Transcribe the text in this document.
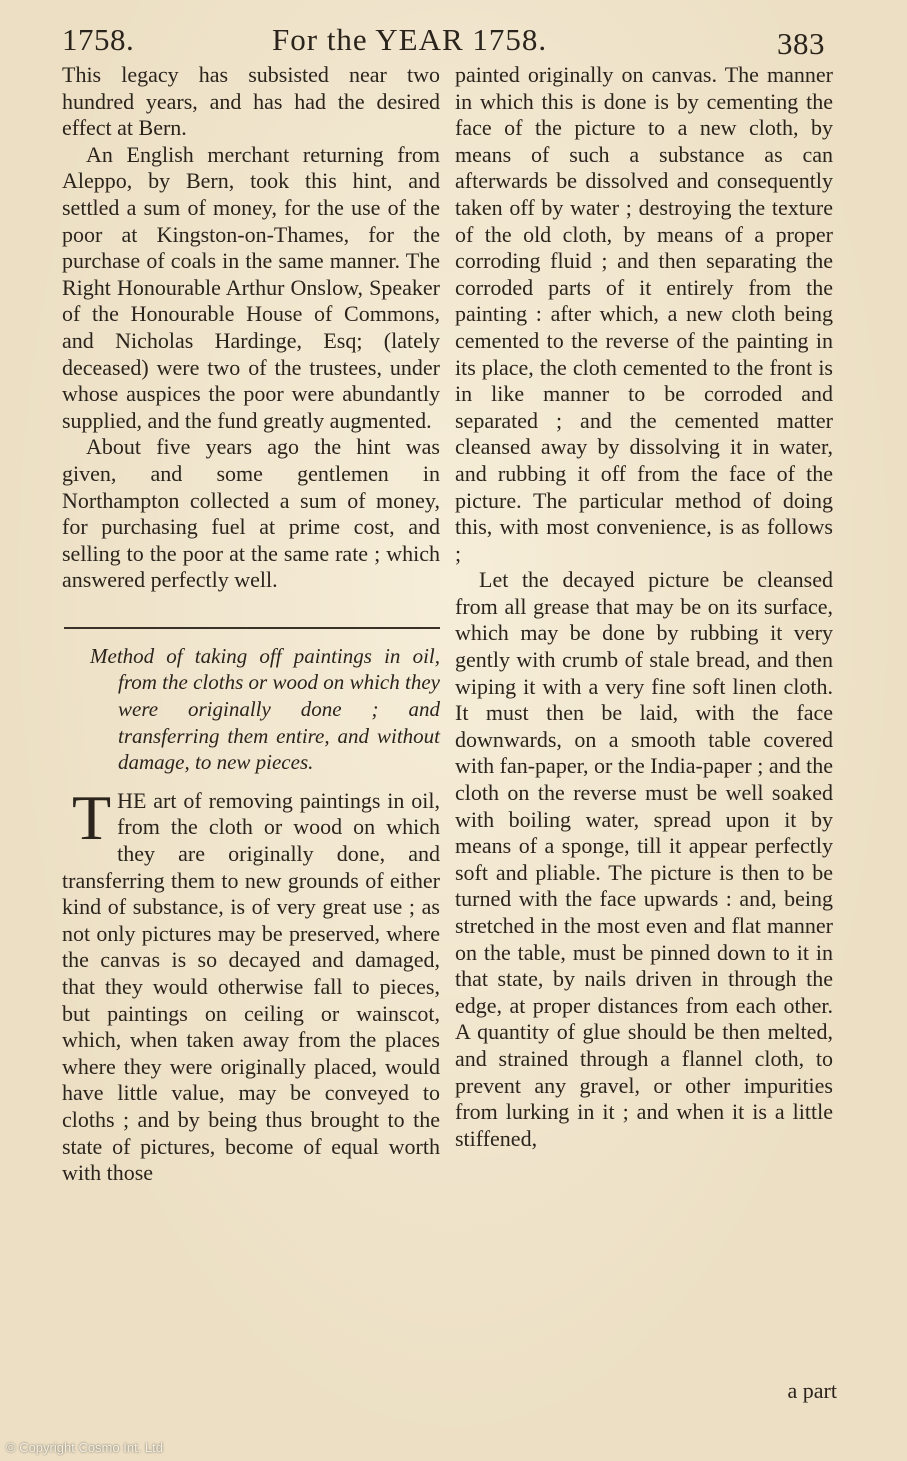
1758.	For the YEAR 1758.	383

This legacy has subsisted near two hundred years, and has had the desired effect at Bern.

An English merchant returning from Aleppo, by Bern, took this hint, and settled a sum of money, for the use of the poor at Kingston-on-Thames, for the purchase of coals in the same manner. The Right Honourable Arthur Onslow, Speaker of the Honourable House of Commons, and Nicholas Hardinge, Esq; (lately deceased) were two of the trustees, under whose auspices the poor were abundantly supplied, and the fund greatly augmented.

About five years ago the hint was given, and some gentlemen in Northampton collected a sum of money, for purchasing fuel at prime cost, and selling to the poor at the same rate ; which answered perfectly well.

Method of taking off paintings in oil, from the cloths or wood on which they were originally done ; and transferring them entire, and without damage, to new pieces.

T HE art of removing paintings in oil, from the cloth or wood on which they are originally done, and transferring them to new grounds of either kind of substance, is of very great use ; as not only pictures may be preserved, where the canvas is so decayed and damaged, that they would otherwise fall to pieces, but paintings on ceiling or wainscot, which, when taken away from the places where they were originally placed, would have little value, may be conveyed to cloths ; and by being thus brought to the state of pictures, become of equal worth with those

painted originally on canvas. The manner in which this is done is by cementing the face of the picture to a new cloth, by means of such a substance as can afterwards be dissolved and consequently taken off by water ; destroying the texture of the old cloth, by means of a proper corroding fluid ; and then separating the corroded parts of it entirely from the painting : after which, a new cloth being cemented to the reverse of the painting in its place, the cloth cemented to the front is in like manner to be corroded and separated ; and the cemented matter cleansed away by dissolving it in water, and rubbing it off from the face of the picture. The particular method of doing this, with most convenience, is as follows ;

Let the decayed picture be cleansed from all grease that may be on its surface, which may be done by rubbing it very gently with crumb of stale bread, and then wiping it with a very fine soft linen cloth. It must then be laid, with the face downwards, on a smooth table covered with fan-paper, or the India-paper ; and the cloth on the reverse must be well soaked with boiling water, spread upon it by means of a sponge, till it appear perfectly soft and pliable. The picture is then to be turned with the face upwards : and, being stretched in the most even and flat manner on the table, must be pinned down to it in that state, by nails driven in through the edge, at proper distances from each other. A quantity of glue should be then melted, and strained through a flannel cloth, to prevent any gravel, or other impurities from lurking in it ; and when it is a little stiffened,

a part
© Copyright Cosmo Int. Ltd
